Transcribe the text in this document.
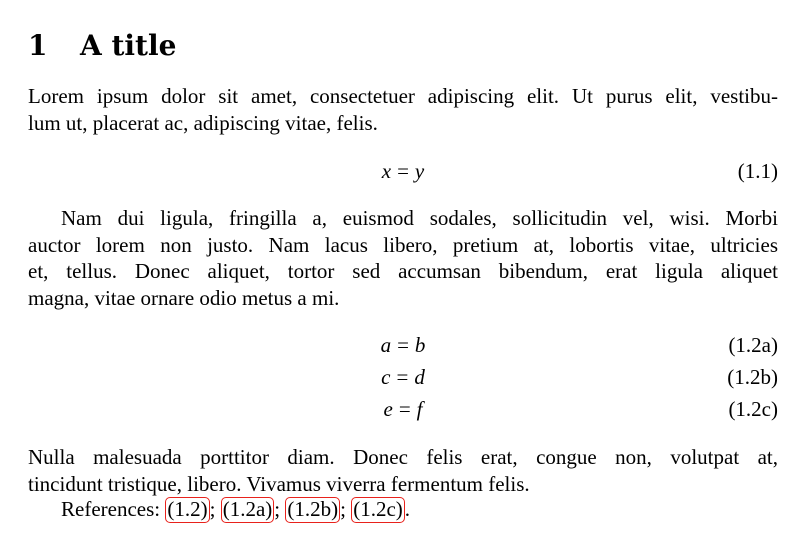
1 A title
Lorem ipsum dolor sit amet, consectetuer adipiscing elit. Ut purus elit, vestibu-
lum ut, placerat ac, adipiscing vitae, felis.
x = y	(1.1)
Nam dui ligula, fringilla a, euismod sodales, sollicitudin vel, wisi. Morbi
auctor lorem non justo. Nam lacus libero, pretium at, lobortis vitae, ultricies
et, tellus. Donec aliquet, tortor sed accumsan bibendum, erat ligula aliquet
magna, vitae ornare odio metus a mi.
a = b	(1.2a)
c = d	(1.2b)
e = f	(1.2c)
Nulla malesuada porttitor diam. Donec felis erat, congue non, volutpat at,
tincidunt tristique, libero. Vivamus viverra fermentum felis.
References: (1.2); (1.2a); (1.2b); (1.2c).
